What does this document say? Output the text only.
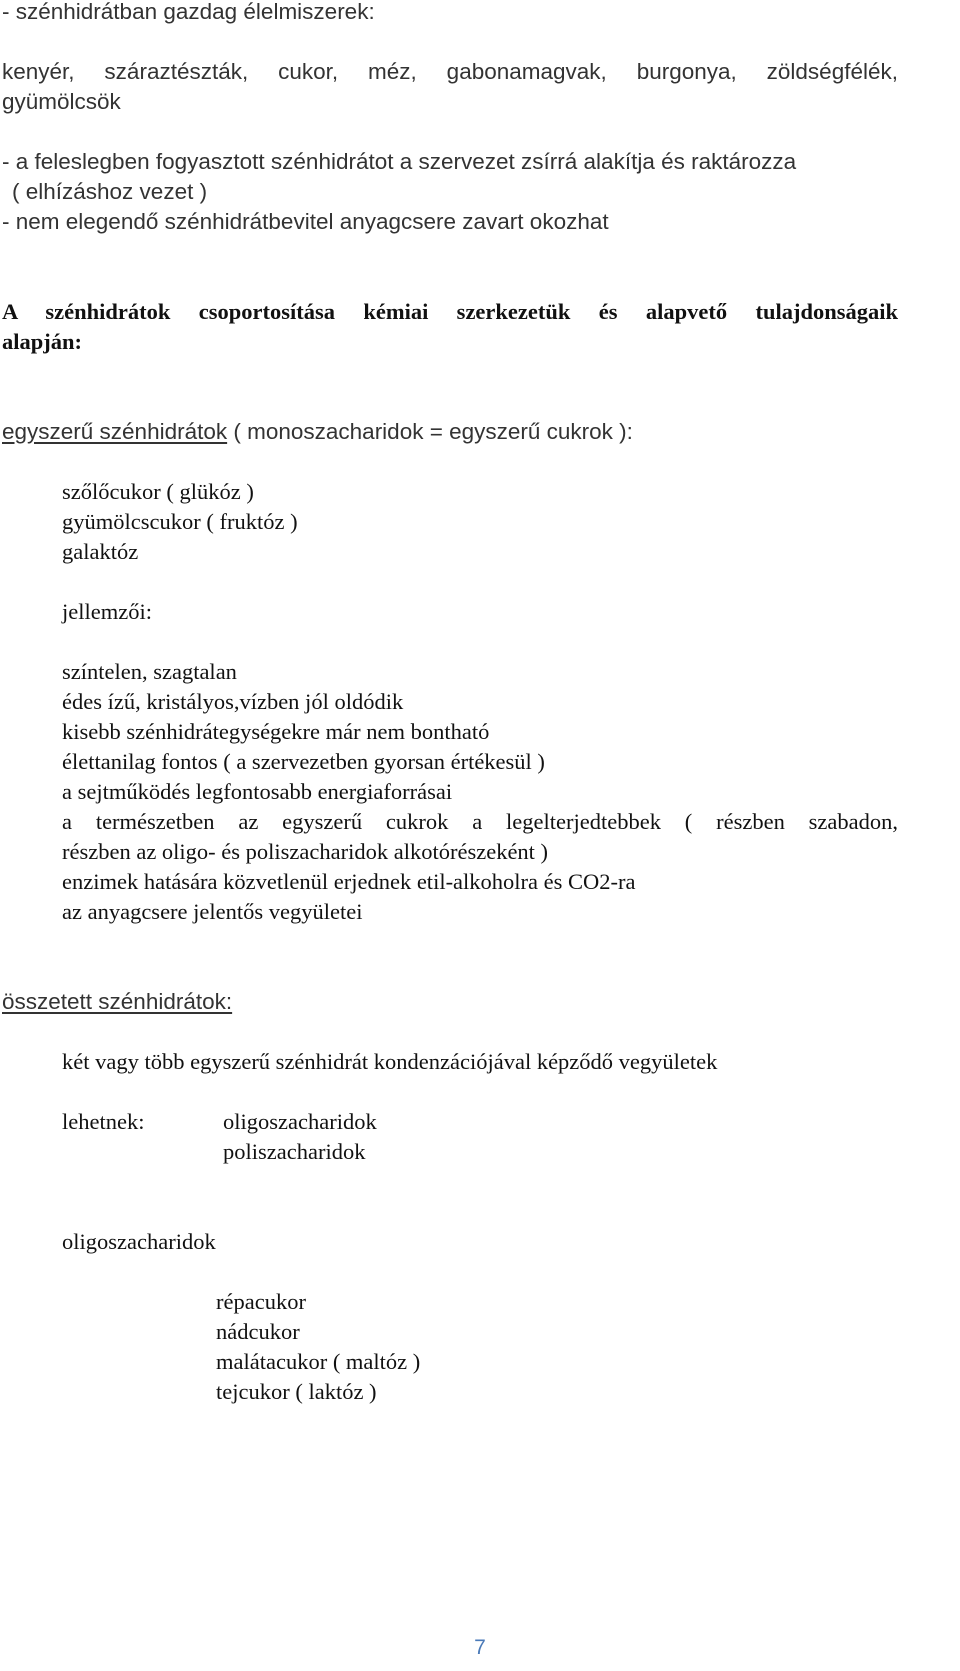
- szénhidrátban gazdag élelmiszerek:
kenyér, száraztészták, cukor, méz, gabonamagvak, burgonya, zöldségfélék,
gyümölcsök
- a feleslegben fogyasztott szénhidrátot a szervezet zsírrá alakítja és raktározza
( elhízáshoz vezet )
- nem elegendő szénhidrátbevitel anyagcsere zavart okozhat
A szénhidrátok csoportosítása kémiai szerkezetük és alapvető tulajdonságaik
alapján:
egyszerű szénhidrátok ( monoszacharidok = egyszerű cukrok ):
szőlőcukor ( glükóz )
gyümölcscukor ( fruktóz )
galaktóz
jellemzői:
színtelen, szagtalan
édes ízű, kristályos,vízben jól oldódik
kisebb szénhidrátegységekre már nem bontható
élettanilag fontos ( a szervezetben gyorsan értékesül )
a sejtműködés legfontosabb energiaforrásai
a természetben az egyszerű cukrok a legelterjedtebbek ( részben szabadon,
részben az oligo- és poliszacharidok alkotórészeként )
enzimek hatására közvetlenül erjednek etil-alkoholra és CO2-ra
az anyagcsere jelentős vegyületei
összetett szénhidrátok:
két vagy több egyszerű szénhidrát kondenzációjával képződő vegyületek
lehetnek:	oligoszacharidok
poliszacharidok
oligoszacharidok
répacukor
nádcukor
malátacukor ( maltóz )
tejcukor ( laktóz )
7
